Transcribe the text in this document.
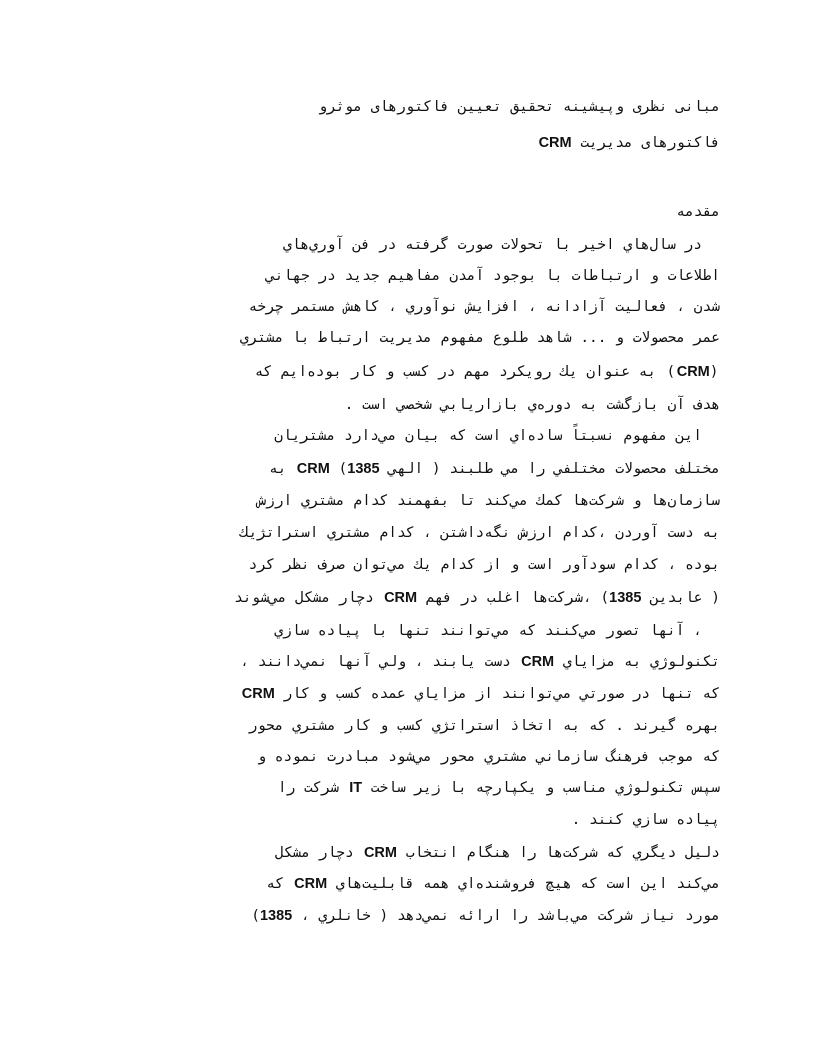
مبانی نظری وپیشینه تحقیق تعیین فاکتورهای موثرو
فاکتورهای مدیریت CRM
مقدمه
در سال‌هاي اخير با تحولات صورت گرفته در فن آوري‌هاي
اطلاعات و ارتباطات با بوجود آمدن مفاهيم جديد در جهاني
شدن ، فعاليت آزادانه ، افزايش نوآوري ، كاهش مستمر چرخه
عمر محصولات و ... شاهد طلوع مفهوم مديريت ارتباط با مشتري
(CRM) به عنوان يك رويكرد مهم در كسب و كار بوده‌ايم كه
هدف آن بازگشت به دوره‌ي بازاريابي شخصي است .
اين مفهوم نسبتاً ساده‌اي است كه بيان مي‌دارد مشتريان
مختلف محصولات مختلفي را مي طلبند ( الهي 1385) CRM به
سازمان‌ها و شركت‌ها كمك مي‌كند تا بفهمند كدام مشتري ارزش
به دست آوردن ،كدام ارزش نگه‌داشتن ، كدام مشتري استراتژيك
بوده ، كدام سودآور است و از كدام يك مي‌توان صرف نظر كرد
( عابدين 1385) ،شركت‌ها اغلب در فهم CRM دچار مشكل مي‌شوند
، آنها تصور مي‌كنند كه مي‌توانند تنها با پياده سازي
تكنولوژي به مزاياي CRM دست يابند ، ولي آنها نمي‌دانند ،
كه تنها در صورتي مي‌توانند از مزاياي عمده كسب و كار CRM
بهره گيرند . كه به اتخاذ استراتژي كسب و كار مشتري محور
كه موجب فرهنگ سازماني مشتري محور مي‌شود مبادرت نموده و
سپس تكنولوژي مناسب و يكپارچه با زير ساخت IT شركت را
پياده سازي كنند .
دليل ديگري كه شركت‌ها را هنگام انتخاب CRM دچار مشكل
مي‌كند اين است كه هيچ فروشنده‌اي همه قابليت‌هاي CRM كه
مورد نياز شركت مي‌باشد را ارائه نمي‌دهد ( خانلري ، 1385)
